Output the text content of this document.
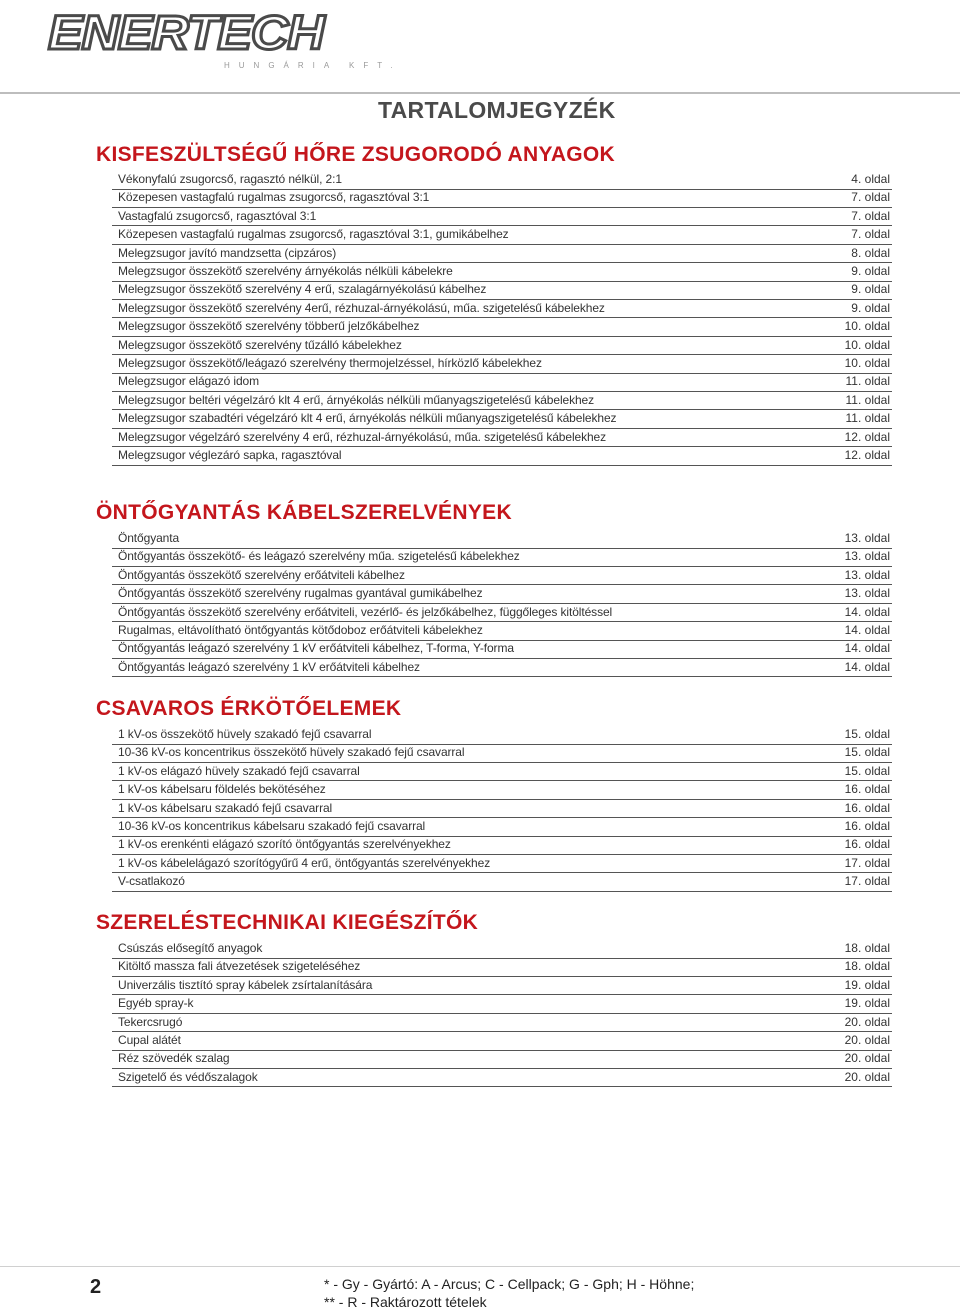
ENERTECH
HUNGÁRIA KFT.
TARTALOMJEGYZÉK
KISFESZÜLTSÉGŰ HŐRE ZSUGORODÓ ANYAGOK
Vékonyfalú zsugorcső, ragasztó nélkül, 2:1	4. oldal
Közepesen vastagfalú rugalmas zsugorcső, ragasztóval 3:1	7. oldal
Vastagfalú zsugorcső, ragasztóval 3:1	7. oldal
Közepesen vastagfalú rugalmas zsugorcső, ragasztóval 3:1, gumikábelhez	7. oldal
Melegzsugor javító mandzsetta (cipzáros)	8. oldal
Melegzsugor összekötő szerelvény árnyékolás nélküli kábelekre	9. oldal
Melegzsugor összekötő szerelvény 4 erű, szalagárnyékolású kábelhez	9. oldal
Melegzsugor összekötő szerelvény 4erű, rézhuzal-árnyékolású, műa. szigetelésű kábelekhez	9. oldal
Melegzsugor összekötő szerelvény többerű jelzőkábelhez	10. oldal
Melegzsugor összekötő szerelvény tűzálló kábelekhez	10. oldal
Melegzsugor összekötő/leágazó szerelvény thermojelzéssel, hírközlő kábelekhez	10. oldal
Melegzsugor elágazó idom	11. oldal
Melegzsugor beltéri végelzáró klt 4 erű, árnyékolás nélküli műanyagszigetelésű kábelekhez	11. oldal
Melegzsugor szabadtéri végelzáró klt 4 erű, árnyékolás nélküli műanyagszigetelésű kábelekhez	11. oldal
Melegzsugor végelzáró szerelvény 4 erű, rézhuzal-árnyékolású, műa. szigetelésű kábelekhez	12. oldal
Melegzsugor véglezáró sapka, ragasztóval	12. oldal
ÖNTŐGYANTÁS KÁBELSZERELVÉNYEK
Öntőgyanta	13. oldal
Öntőgyantás összekötő- és leágazó szerelvény műa. szigetelésű kábelekhez	13. oldal
Öntőgyantás összekötő szerelvény erőátviteli kábelhez	13. oldal
Öntőgyantás összekötő szerelvény rugalmas gyantával gumikábelhez	13. oldal
Öntőgyantás összekötő szerelvény erőátviteli, vezérlő- és jelzőkábelhez, függőleges kitöltéssel	14. oldal
Rugalmas, eltávolítható öntőgyantás kötődoboz erőátviteli kábelekhez	14. oldal
Öntőgyantás leágazó szerelvény 1 kV erőátviteli kábelhez, T-forma, Y-forma	14. oldal
Öntőgyantás leágazó szerelvény 1 kV erőátviteli kábelhez	14. oldal
CSAVAROS ÉRKÖTŐELEMEK
1 kV-os összekötő hüvely szakadó fejű csavarral	15. oldal
10-36 kV-os koncentrikus összekötő hüvely szakadó fejű csavarral	15. oldal
1 kV-os elágazó hüvely szakadó fejű csavarral	15. oldal
1 kV-os kábelsaru földelés bekötéséhez	16. oldal
1 kV-os kábelsaru szakadó fejű csavarral	16. oldal
10-36 kV-os koncentrikus kábelsaru szakadó fejű csavarral	16. oldal
1 kV-os erenkénti elágazó szorító öntőgyantás szerelvényekhez	16. oldal
1 kV-os kábelelágazó szorítógyűrű 4 erű, öntőgyantás szerelvényekhez	17. oldal
V-csatlakozó	17. oldal
SZERELÉSTECHNIKAI KIEGÉSZÍTŐK
Csúszás elősegítő anyagok	18. oldal
Kitöltő massza fali átvezetések szigeteléséhez	18. oldal
Univerzális tisztító spray kábelek zsírtalanítására	19. oldal
Egyéb spray-k	19. oldal
Tekercsrugó	20. oldal
Cupal alátét	20. oldal
Réz szövedék szalag	20. oldal
Szigetelő és védőszalagok	20. oldal
2	* - Gy - Gyártó: A - Arcus; C - Cellpack; G - Gph; H - Höhne;
** - R - Raktározott tételek
